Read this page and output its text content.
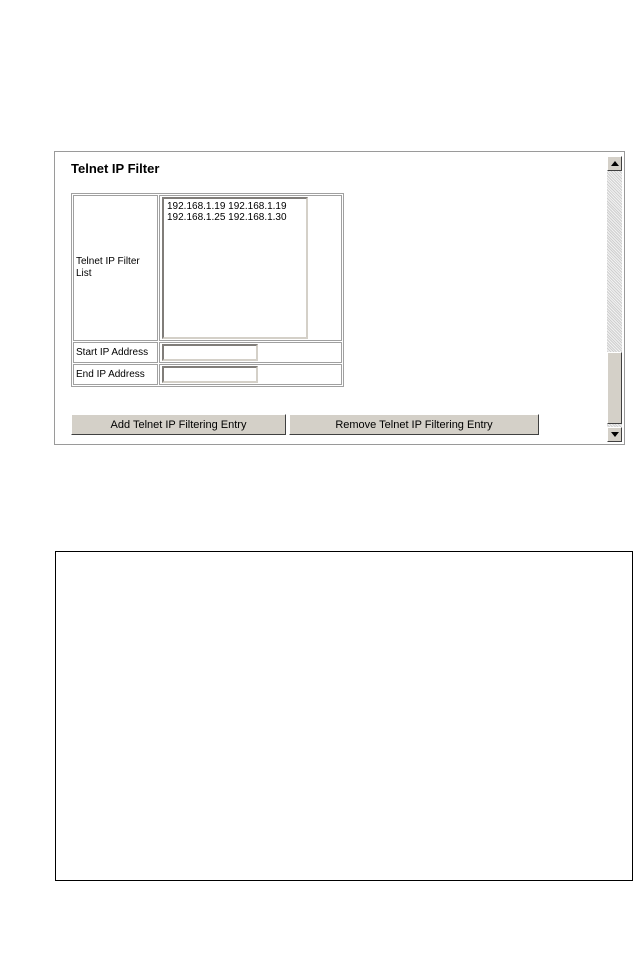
Telnet IP Filter
Telnet IP Filter List	192.168.1.19 192.168.1.19
192.168.1.25 192.168.1.30

Start IP Address	
End IP Address	
Add Telnet IP Filtering Entry	Remove Telnet IP Filtering Entry
